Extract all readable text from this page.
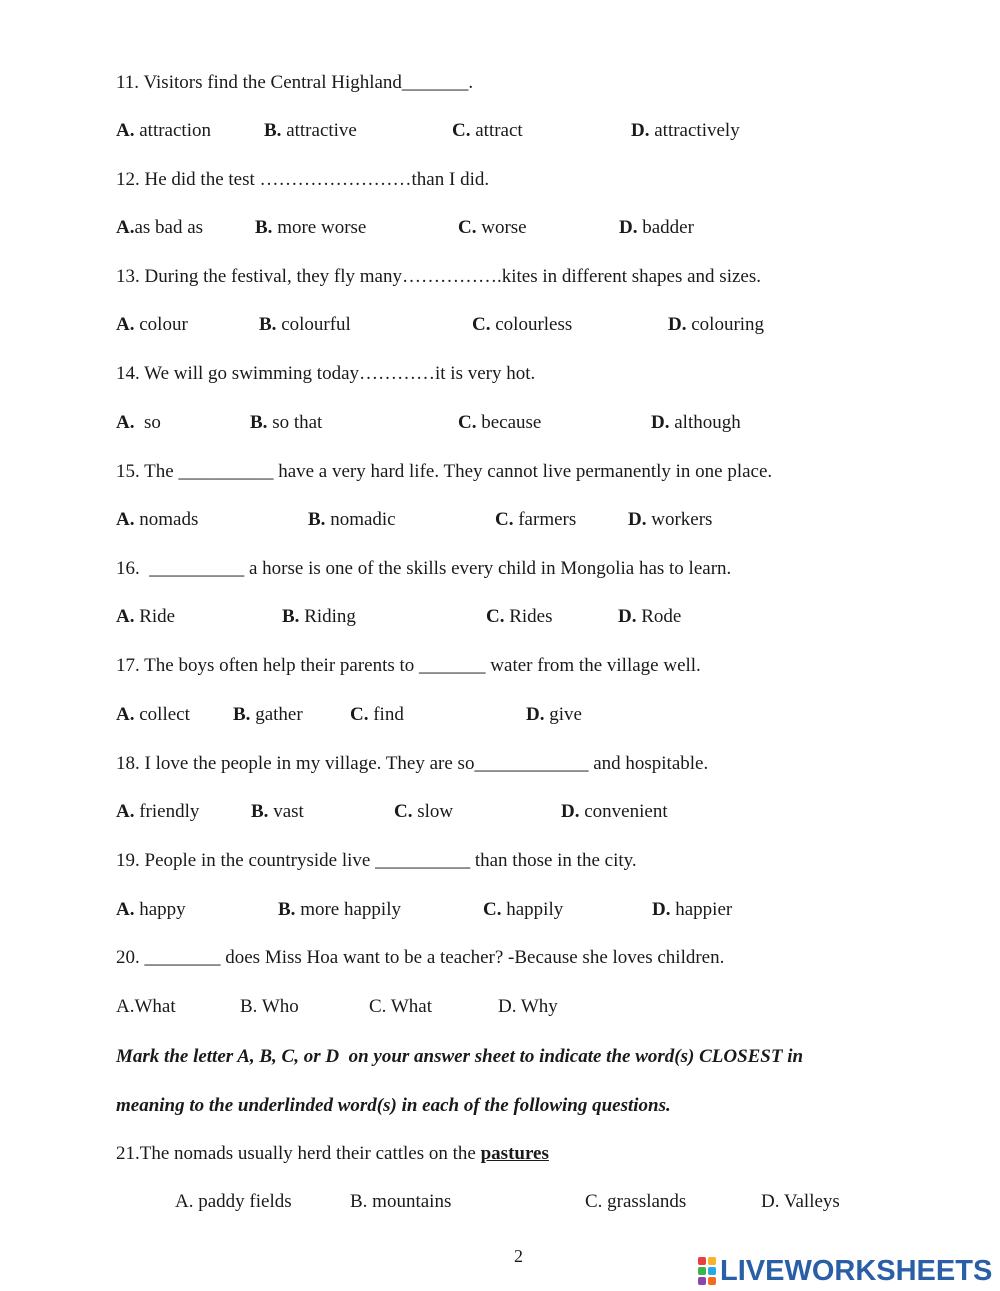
11. Visitors find the Central Highland_______.
A. attraction	B. attractive	C. attract	D. attractively
12. He did the test ……………………than I did.
A.as bad as	B. more worse	C. worse	D. badder
13. During the festival, they fly many…………….kites in different shapes and sizes.
A. colour	B. colourful	C. colourless	D. colouring
14. We will go swimming today…………it is very hot.
A.  so	B. so that	C. because	D. although
15. The __________ have a very hard life. They cannot live permanently in one place.
A. nomads	B. nomadic	C. farmers	D. workers
16.  __________ a horse is one of the skills every child in Mongolia has to learn.
A. Ride	B. Riding	C. Rides	D. Rode
17. The boys often help their parents to _______ water from the village well.
A. collect B. gather C. find	D. give
18. I love the people in my village. They are so____________ and hospitable.
A. friendly	B. vast	C. slow	D. convenient
19. People in the countryside live __________ than those in the city.
A. happy	B. more happily	C. happily	D. happier
20. ________ does Miss Hoa want to be a teacher? -Because she loves children.
A.What	B. Who	C. What	D. Why
Mark the letter A, B, C, or D  on your answer sheet to indicate the word(s) CLOSEST in
meaning to the underlinded word(s) in each of the following questions.
21.The nomads usually herd their cattles on the pastures
A. paddy fields	B. mountains	C. grasslands	D. Valleys
2	LIVEWORKSHEETS
